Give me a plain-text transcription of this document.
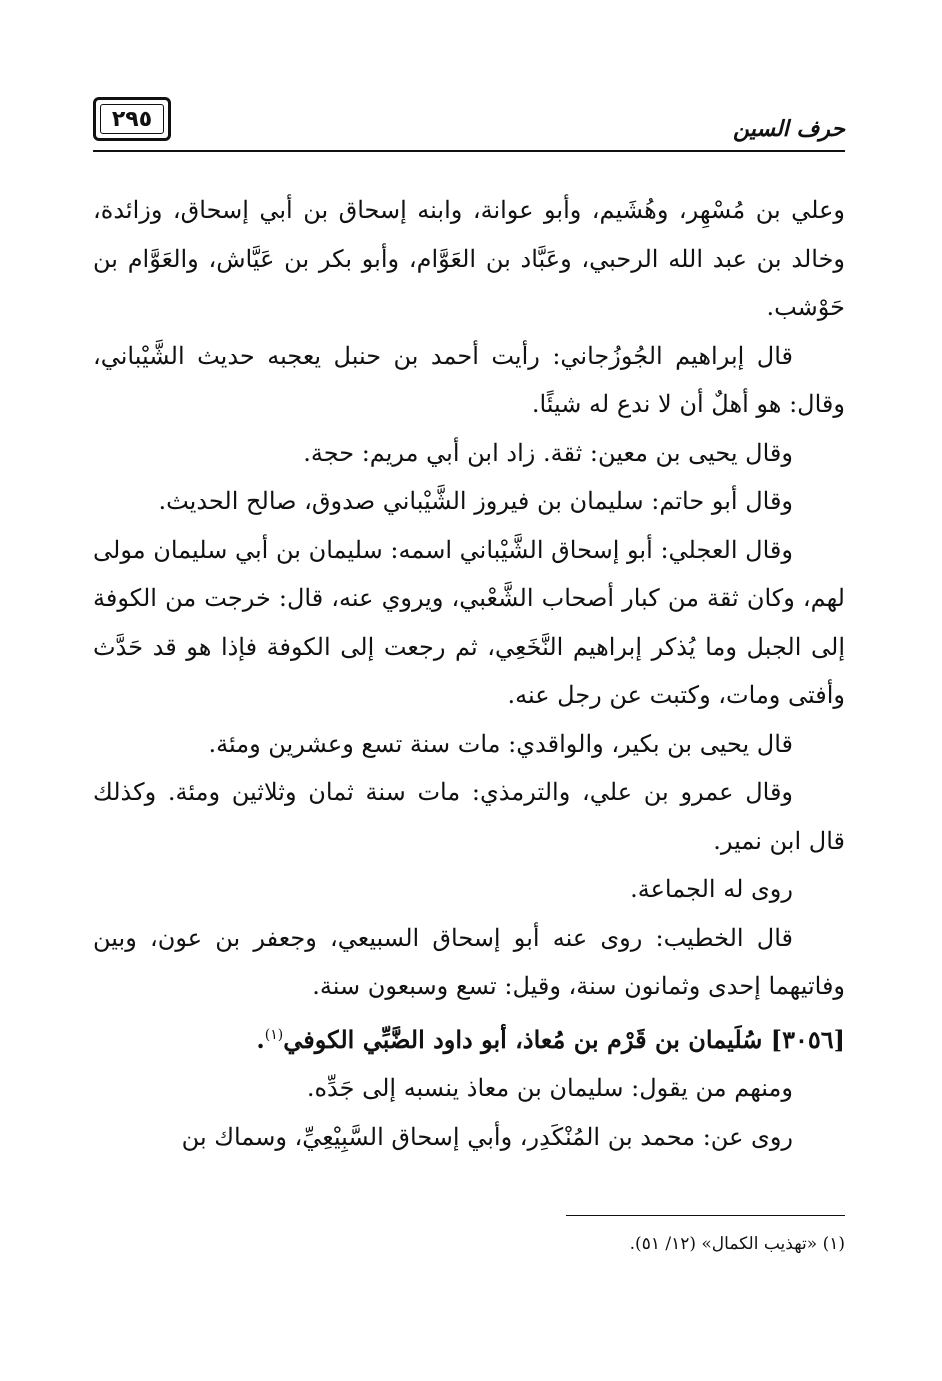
٢٩٥	حرف السين

وعلي بن مُسْهِر، وهُشَيم، وأبو عوانة، وابنه إسحاق بن أبي إسحاق، وزائدة، وخالد بن عبد الله الرحبي، وعَبَّاد بن العَوَّام، وأبو بكر بن عَيَّاش، والعَوَّام بن حَوْشب.

قال إبراهيم الجُوزُجاني: رأيت أحمد بن حنبل يعجبه حديث الشَّيْباني، وقال: هو أهلٌ أن لا ندع له شيئًا.

وقال يحيى بن معين: ثقة. زاد ابن أبي مريم: حجة.

وقال أبو حاتم: سليمان بن فيروز الشَّيْباني صدوق، صالح الحديث.

وقال العجلي: أبو إسحاق الشَّيْباني اسمه: سليمان بن أبي سليمان مولى لهم، وكان ثقة من كبار أصحاب الشَّعْبي، ويروي عنه، قال: خرجت من الكوفة إلى الجبل وما يُذكر إبراهيم النَّخَعِي، ثم رجعت إلى الكوفة فإذا هو قد حَدَّث وأفتى ومات، وكتبت عن رجل عنه.

قال يحيى بن بكير، والواقدي: مات سنة تسع وعشرين ومئة.

وقال عمرو بن علي، والترمذي: مات سنة ثمان وثلاثين ومئة. وكذلك قال ابن نمير.

روى له الجماعة.

قال الخطيب: روى عنه أبو إسحاق السبيعي، وجعفر بن عون، وبين وفاتيهما إحدى وثمانون سنة، وقيل: تسع وسبعون سنة.

[٣٠٥٦] سُلَيمان بن قَرْم بن مُعاذ، أبو داود الضَّبِّي الكوفي$^{(١)}$.

ومنهم من يقول: سليمان بن معاذ ينسبه إلى جَدِّه.

روى عن: محمد بن المُنْكَدِر، وأبي إسحاق السَّبِيْعِيِّ، وسماك بن

(١) «تهذيب الكمال» (١٢/ ٥١).
